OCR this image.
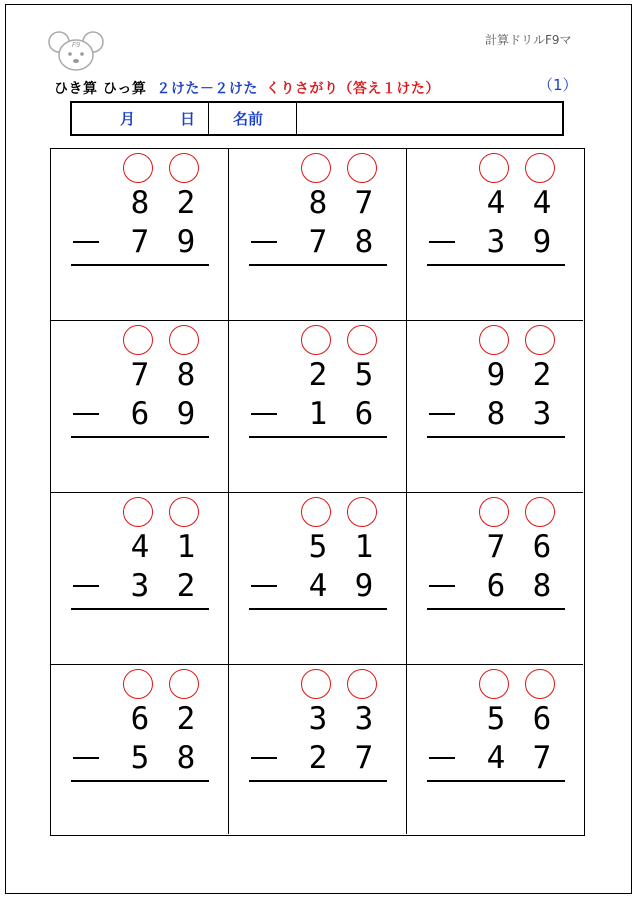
F9	計算ドリルF9マ
ひき算 ひっ算 ２けた－２けた くりさがり（答え１けた）	（1）
月	日	名前
8 2
7 9
8 7
7 8
4 4
3 9
7 8
6 9
2 5
1 6
9 2
8 3
4 1
3 2
5 1
4 9
7 6
6 8
6 2
5 8
3 3
2 7
5 6
4 7
